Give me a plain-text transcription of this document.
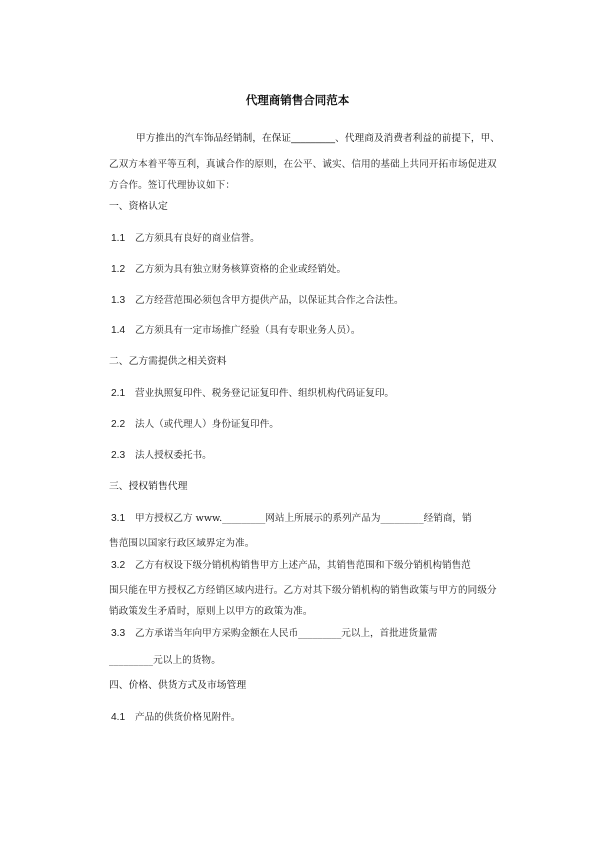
代理商销售合同范本
甲方推出的汽车饰品经销制，在保证_________、代理商及消费者利益的前提下，甲、
乙双方本着平等互利，真诚合作的原则，在公平、诚实、信用的基础上共同开拓市场促进双
方合作。签订代理协议如下：
一、资格认定
1.1 乙方须具有良好的商业信誉。
1.2 乙方须为具有独立财务核算资格的企业或经销处。
1.3 乙方经营范围必须包含甲方提供产品，以保证其合作之合法性。
1.4 乙方须具有一定市场推广经验（具有专职业务人员）。
二、乙方需提供之相关资料
2.1 营业执照复印件、税务登记证复印件、组织机构代码证复印。
2.2 法人（或代理人）身份证复印件。
2.3 法人授权委托书。
三、授权销售代理
3.1 甲方授权乙方 www._________网站上所展示的系列产品为_________经销商，销
售范围以国家行政区域界定为准。
3.2 乙方有权设下级分销机构销售甲方上述产品，其销售范围和下级分销机构销售范
围只能在甲方授权乙方经销区域内进行。乙方对其下级分销机构的销售政策与甲方的同级分
销政策发生矛盾时，原则上以甲方的政策为准。
3.3 乙方承诺当年向甲方采购金额在人民币_________元以上，首批进货量需
_________元以上的货物。
四、价格、供货方式及市场管理
4.1 产品的供货价格见附件。
